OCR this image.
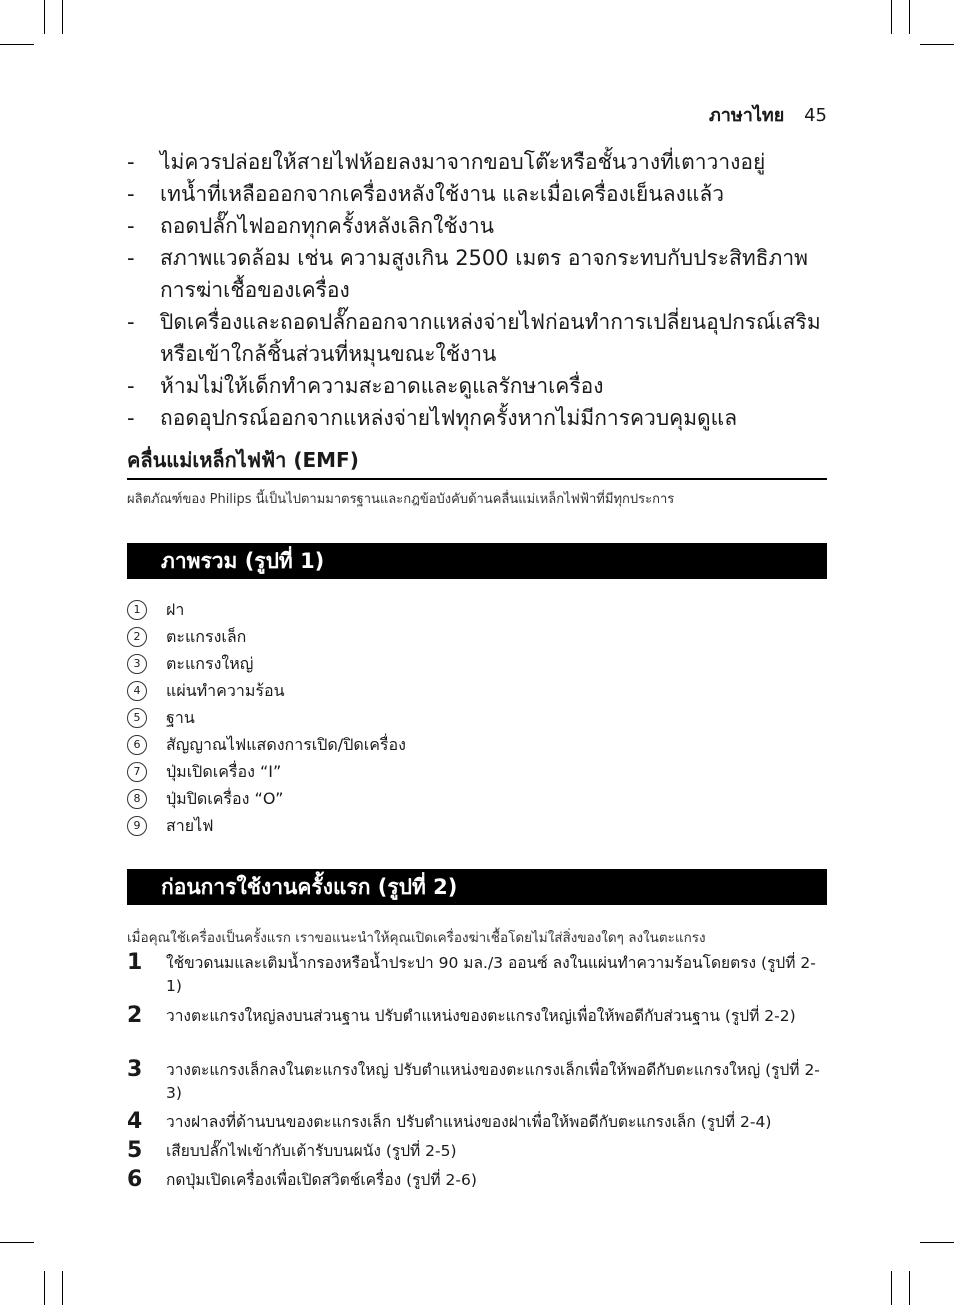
ภาษาไทย 45
- ไม่ควรปล่อยให้สายไฟห้อยลงมาจากขอบโต๊ะหรือชั้นวางที่เตาวางอยู่
- เทน้ำที่เหลือออกจากเครื่องหลังใช้งาน และเมื่อเครื่องเย็นลงแล้ว
- ถอดปลั๊กไฟออกทุกครั้งหลังเลิกใช้งาน
- สภาพแวดล้อม เช่น ความสูงเกิน 2500 เมตร อาจกระทบกับประสิทธิภาพการฆ่าเชื้อของเครื่อง
- ปิดเครื่องและถอดปลั๊กออกจากแหล่งจ่ายไฟก่อนทำการเปลี่ยนอุปกรณ์เสริมหรือเข้าใกล้ชิ้นส่วนที่หมุนขณะใช้งาน
- ห้ามไม่ให้เด็กทำความสะอาดและดูแลรักษาเครื่อง
- ถอดอุปกรณ์ออกจากแหล่งจ่ายไฟทุกครั้งหากไม่มีการควบคุมดูแล
คลื่นแม่เหล็กไฟฟ้า (EMF)
ผลิตภัณฑ์ของ Philips นี้เป็นไปตามมาตรฐานและกฎข้อบังคับด้านคลื่นแม่เหล็กไฟฟ้าที่มีทุกประการ
ภาพรวม (รูปที่ 1)
1	ฝา
2	ตะแกรงเล็ก
3	ตะแกรงใหญ่
4	แผ่นทำความร้อน
5	ฐาน
6	สัญญาณไฟแสดงการเปิด/ปิดเครื่อง
7	ปุ่มเปิดเครื่อง “I”
8	ปุ่มปิดเครื่อง “O”
9	สายไฟ
ก่อนการใช้งานครั้งแรก (รูปที่ 2)
เมื่อคุณใช้เครื่องเป็นครั้งแรก เราขอแนะนำให้คุณเปิดเครื่องฆ่าเชื้อโดยไม่ใส่สิ่งของใดๆ ลงในตะแกรง
1 ใช้ขวดนมและเติมน้ำกรองหรือน้ำประปา 90 มล./3 ออนซ์ ลงในแผ่นทำความร้อนโดยตรง (รูปที่ 2-1)
2 วางตะแกรงใหญ่ลงบนส่วนฐาน ปรับตำแหน่งของตะแกรงใหญ่เพื่อให้พอดีกับส่วนฐาน (รูปที่ 2-2)
3 วางตะแกรงเล็กลงในตะแกรงใหญ่ ปรับตำแหน่งของตะแกรงเล็กเพื่อให้พอดีกับตะแกรงใหญ่ (รูปที่ 2-3)
4 วางฝาลงที่ด้านบนของตะแกรงเล็ก ปรับตำแหน่งของฝาเพื่อให้พอดีกับตะแกรงเล็ก (รูปที่ 2-4)
5 เสียบปลั๊กไฟเข้ากับเต้ารับบนผนัง (รูปที่ 2-5)
6 กดปุ่มเปิดเครื่องเพื่อเปิดสวิตช์เครื่อง (รูปที่ 2-6)
